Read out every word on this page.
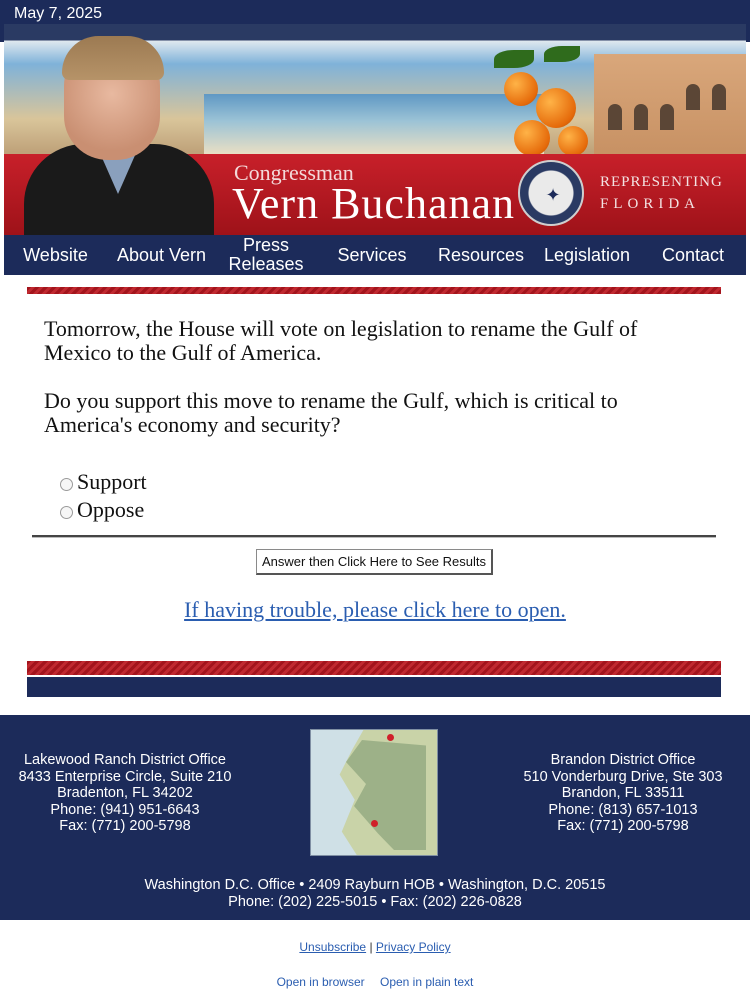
May 7, 2025
Congressman
Vern Buchanan ✦
REPRESENTING
FLORIDA
Website	About Vern	Press Releases	Services	Resources	Legislation	Contact

Tomorrow, the House will vote on legislation to rename the Gulf of Mexico to the Gulf of America.

Do you support this move to rename the Gulf, which is critical to America's economy and security?

Support
Oppose
Answer then Click Here to See Results
If having trouble, please click here to open.
Lakewood Ranch District Office
8433 Enterprise Circle, Suite 210
Bradenton, FL 34202
Phone: (941) 951-6643
Fax: (771) 200-5798
Brandon District Office
510 Vonderburg Drive, Ste 303
Brandon, FL 33511
Phone: (813) 657-1013
Fax: (771) 200-5798
Washington D.C. Office • 2409 Rayburn HOB • Washington, D.C. 20515
Phone: (202) 225-5015 • Fax: (202) 226-0828
Unsubscribe | Privacy Policy
Open in browser Open in plain text
